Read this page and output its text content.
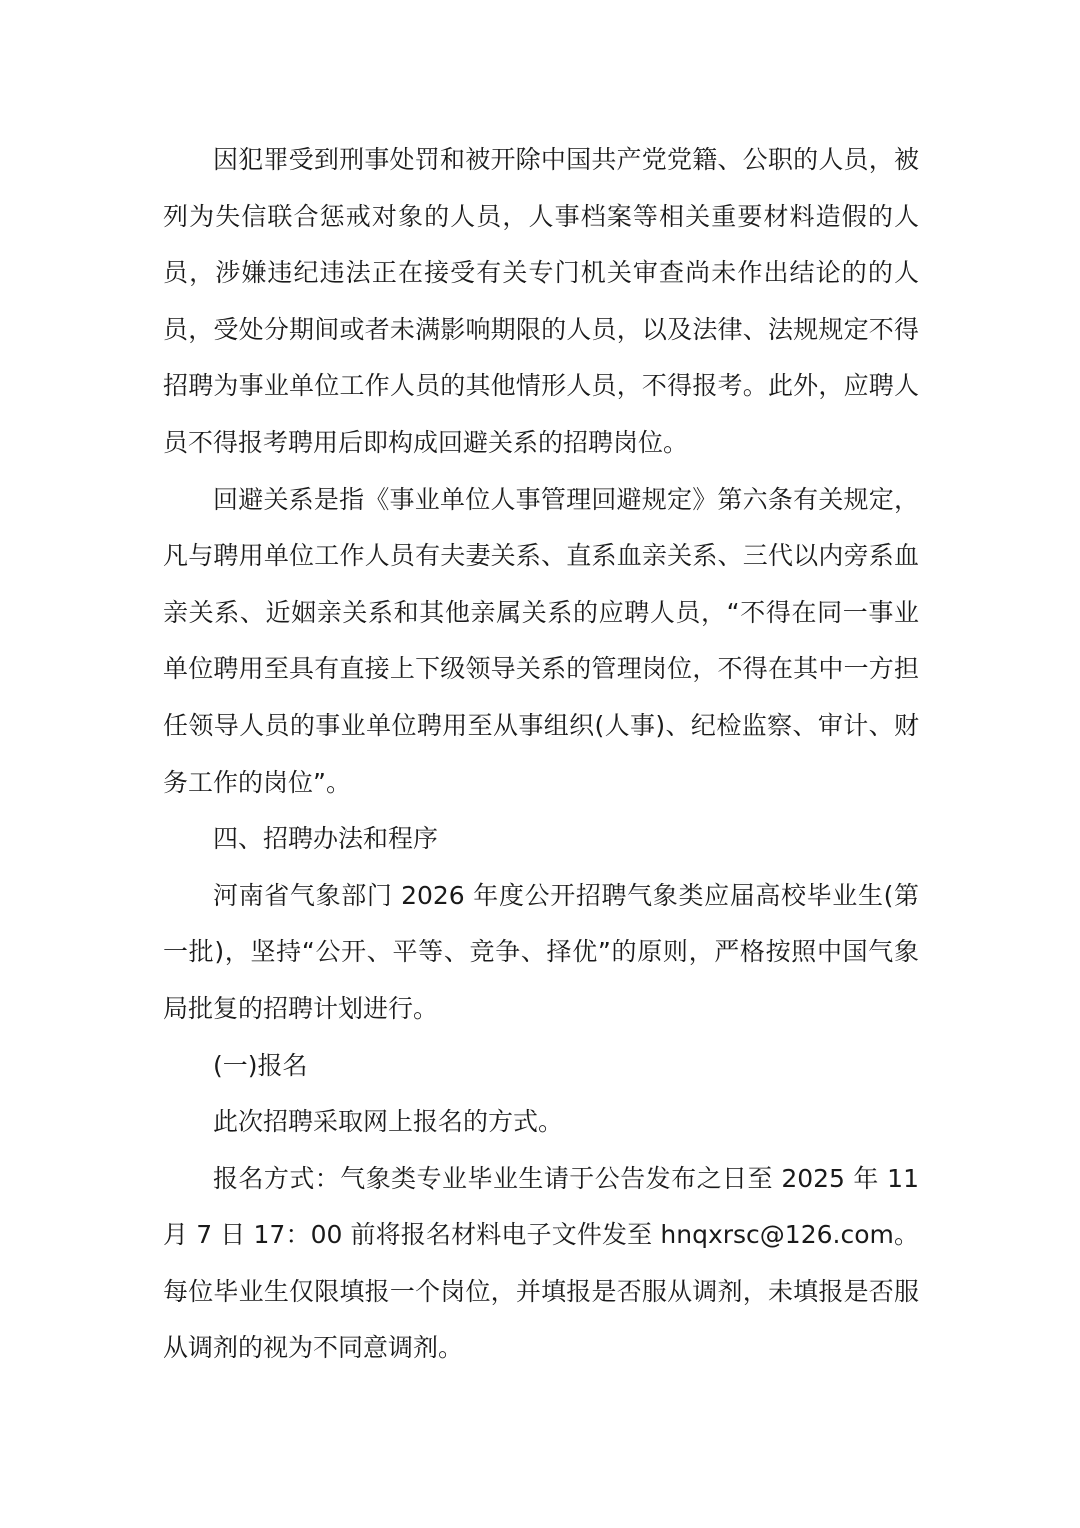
因犯罪受到刑事处罚和被开除中国共产党党籍、公职的人员，被列为失信联合惩戒对象的人员，人事档案等相关重要材料造假的人员，涉嫌违纪违法正在接受有关专门机关审查尚未作出结论的的人员，受处分期间或者未满影响期限的人员，以及法律、法规规定不得招聘为事业单位工作人员的其他情形人员，不得报考。此外，应聘人员不得报考聘用后即构成回避关系的招聘岗位。

回避关系是指《事业单位人事管理回避规定》第六条有关规定，凡与聘用单位工作人员有夫妻关系、直系血亲关系、三代以内旁系血亲关系、近姻亲关系和其他亲属关系的应聘人员，“不得在同一事业单位聘用至具有直接上下级领导关系的管理岗位，不得在其中一方担任领导人员的事业单位聘用至从事组织(人事)、纪检监察、审计、财务工作的岗位”。

四、招聘办法和程序

河南省气象部门 2026 年度公开招聘气象类应届高校毕业生(第一批)，坚持“公开、平等、竞争、择优”的原则，严格按照中国气象局批复的招聘计划进行。

(一)报名

此次招聘采取网上报名的方式。

报名方式：气象类专业毕业生请于公告发布之日至 2025 年 11 月 7 日 17：00 前将报名材料电子文件发至 hnqxrsc@126.com。每位毕业生仅限填报一个岗位，并填报是否服从调剂，未填报是否服从调剂的视为不同意调剂。
